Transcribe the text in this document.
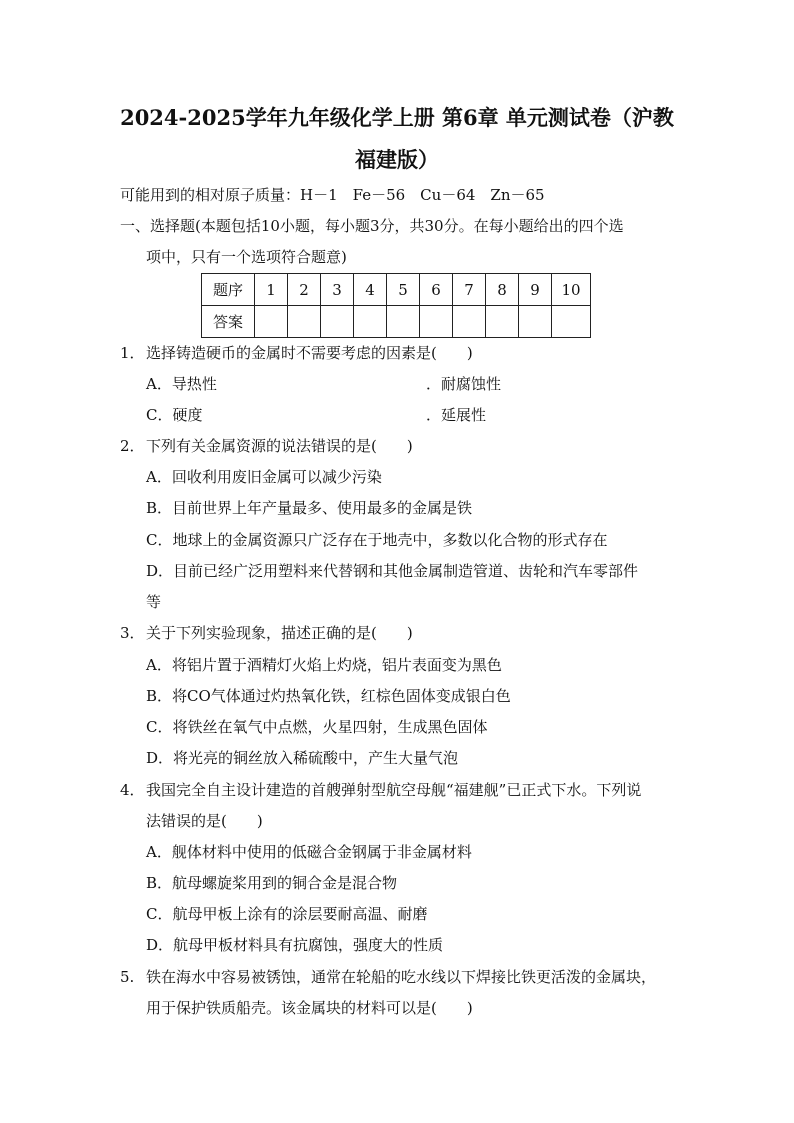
2024-2025学年九年级化学上册 第6章 单元测试卷（沪教
福建版）
可能用到的相对原子质量：H－1　Fe－56　Cu－64　Zn－65
一、选择题(本题包括10小题，每小题3分，共30分。在每小题给出的四个选
项中，只有一个选项符合题意)
题序	1	2	3	4	5	6	7	8	9	10
答案										
1．选择铸造硬币的金属时不需要考虑的因素是(　　)
A．导热性	．耐腐蚀性
C．硬度	．延展性
2．下列有关金属资源的说法错误的是(　　)
A．回收利用废旧金属可以减少污染
B．目前世界上年产量最多、使用最多的金属是铁
C．地球上的金属资源只广泛存在于地壳中，多数以化合物的形式存在
D．目前已经广泛用塑料来代替钢和其他金属制造管道、齿轮和汽车零部件
等
3．关于下列实验现象，描述正确的是(　　)
A．将铝片置于酒精灯火焰上灼烧，铝片表面变为黑色
B．将CO气体通过灼热氧化铁，红棕色固体变成银白色
C．将铁丝在氧气中点燃，火星四射，生成黑色固体
D．将光亮的铜丝放入稀硫酸中，产生大量气泡
4．我国完全自主设计建造的首艘弹射型航空母舰“福建舰”已正式下水。下列说
法错误的是(　　)
A．舰体材料中使用的低磁合金钢属于非金属材料
B．航母螺旋桨用到的铜合金是混合物
C．航母甲板上涂有的涂层要耐高温、耐磨
D．航母甲板材料具有抗腐蚀，强度大的性质
5. 铁在海水中容易被锈蚀，通常在轮船的吃水线以下焊接比铁更活泼的金属块，
用于保护铁质船壳。该金属块的材料可以是(　　)
